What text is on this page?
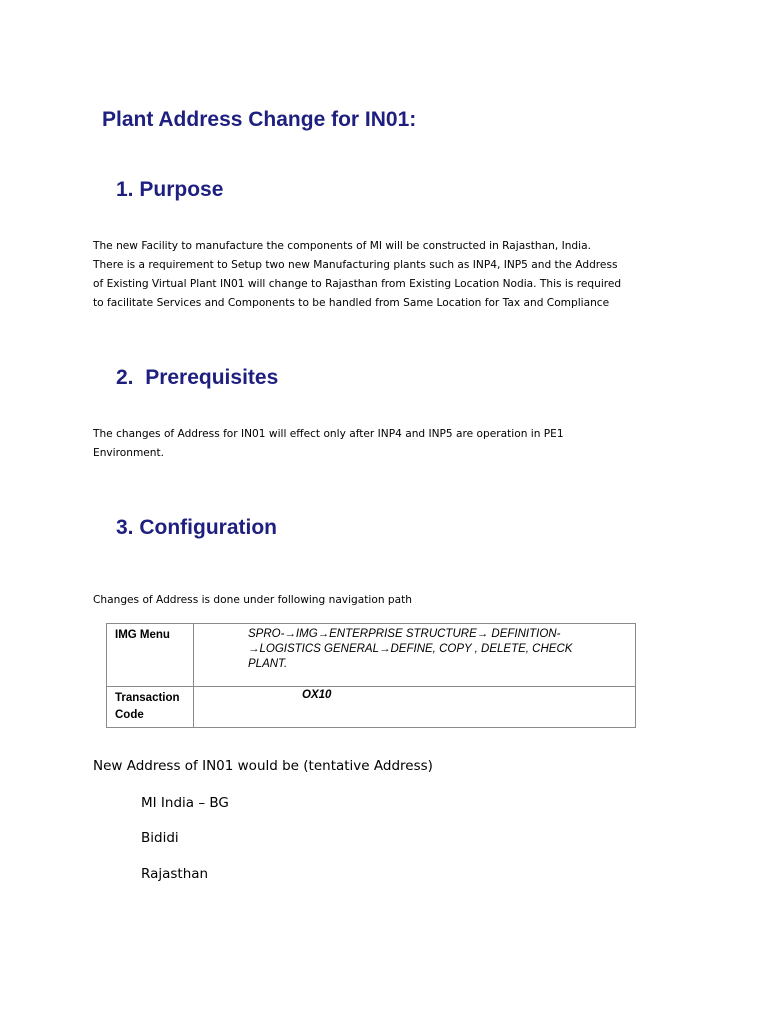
Plant Address Change for IN01:
1. Purpose

The new Facility to manufacture the components of MI will be constructed in Rajasthan, India.
There is a requirement to Setup two new Manufacturing plants such as INP4, INP5 and the Address
of Existing Virtual Plant IN01 will change to Rajasthan from Existing Location Nodia. This is required
to facilitate Services and Components to be handled from Same Location for Tax and Compliance

2. Prerequisites

The changes of Address for IN01 will effect only after INP4 and INP5 are operation in PE1
Environment.

3. Configuration

Changes of Address is done under following navigation path

IMG Menu	SPRO-→IMG→ENTERPRISE STRUCTURE→ DEFINITION-
→LOGISTICS GENERAL→DEFINE, COPY , DELETE, CHECK
PLANT.

Transaction Code	OX10

New Address of IN01 would be (tentative Address)

MI India – BG

Bididi

Rajasthan
